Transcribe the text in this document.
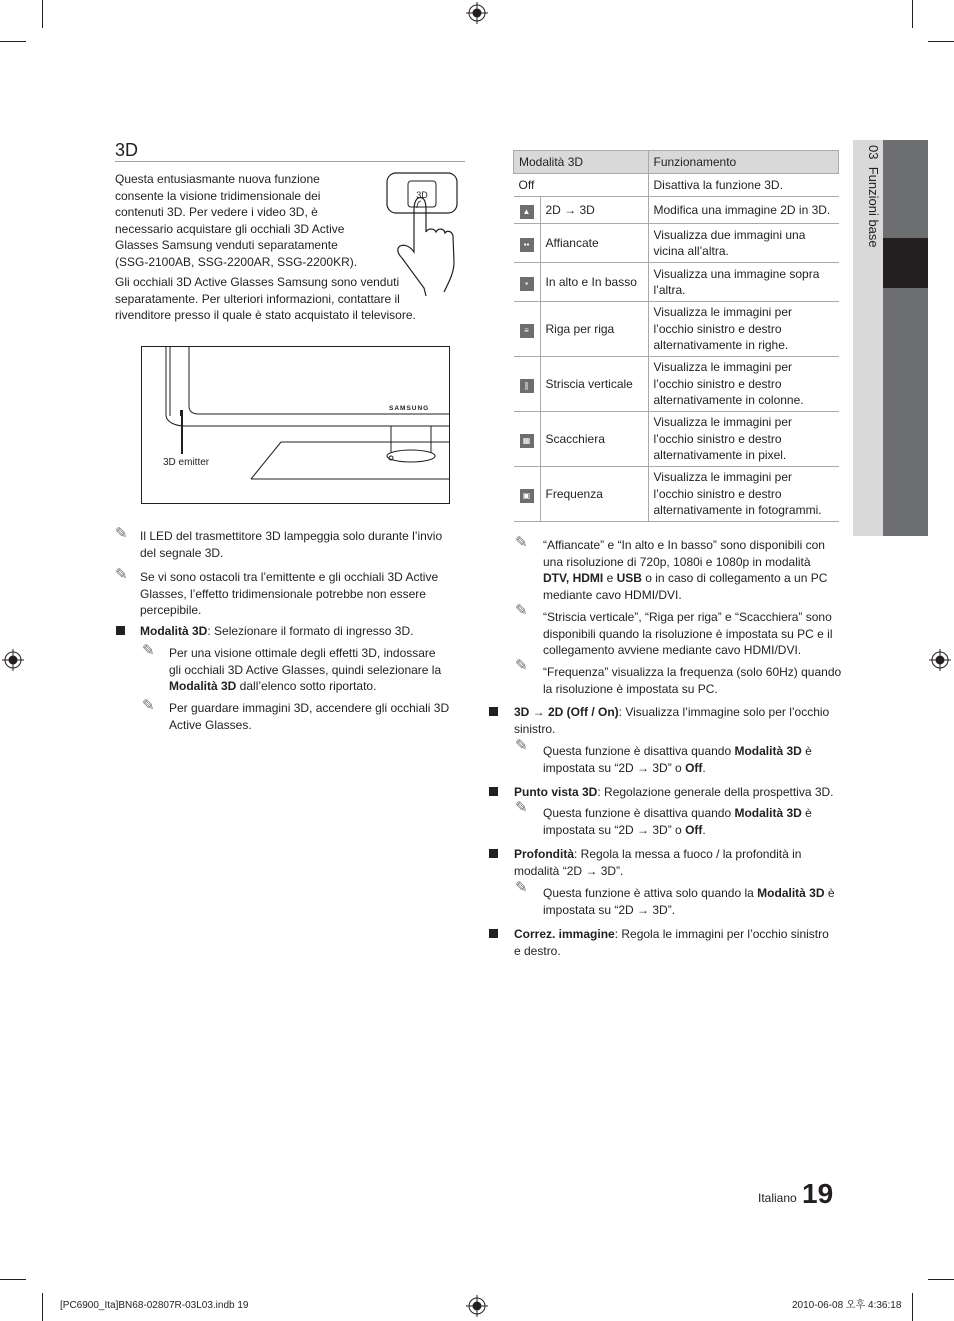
03  Funzioni base
3D
Questa entusiasmante nuova funzione consente la visione tridimensionale dei contenuti 3D. Per vedere i video 3D, è necessario acquistare gli occhiali 3D Active Glasses Samsung venduti separatamente (SSG-2100AB, SSG-2200AR, SSG-2200KR).
Gli occhiali 3D Active Glasses Samsung sono venduti separatamente. Per ulteriori informazioni, contattare il rivenditore presso il quale è stato acquistato il televisore.
3D
SAMSUNG
3D emitter
✎ Il LED del trasmettitore 3D lampeggia solo durante l’invio del segnale 3D.
✎ Se vi sono ostacoli tra l’emittente e gli occhiali 3D Active Glasses, l’effetto tridimensionale potrebbe non essere percepibile.
Modalità 3D: Selezionare il formato di ingresso 3D.
✎ Per una visione ottimale degli effetti 3D, indossare gli occhiali 3D Active Glasses, quindi selezionare la Modalità 3D dall’elenco sotto riportato.
✎ Per guardare immagini 3D, accendere gli occhiali 3D Active Glasses.
Modalità 3D		Funzionamento
Off		Disattiva la funzione 3D.
▲	2D → 3D	Modifica una immagine 2D in 3D.
▪▪	Affiancate	Visualizza due immagini una vicina all’altra.
▪	In alto e In basso	Visualizza una immagine sopra l’altra.
≡	Riga per riga	Visualizza le immagini per l’occhio sinistro e destro alternativamente in righe.
∥	Striscia verticale	Visualizza le immagini per l’occhio sinistro e destro alternativamente in colonne.
▦	Scacchiera	Visualizza le immagini per l’occhio sinistro e destro alternativamente in pixel.
▣	Frequenza	Visualizza le immagini per l’occhio sinistro e destro alternativamente in fotogrammi.
✎ “Affiancate” e “In alto e In basso” sono disponibili con una risoluzione di 720p, 1080i e 1080p in modalità DTV, HDMI e USB o in caso di collegamento a un PC mediante cavo HDMI/DVI.
✎ “Striscia verticale”, “Riga per riga” e “Scacchiera” sono disponibili quando la risoluzione è impostata su PC e il collegamento avviene mediante cavo HDMI/DVI.
✎ “Frequenza” visualizza la frequenza (solo 60Hz) quando la risoluzione è impostata su PC.
3D → 2D (Off / On): Visualizza l’immagine solo per l’occhio sinistro.
✎ Questa funzione è disattiva quando Modalità 3D è impostata su “2D → 3D” o Off.
Punto vista 3D: Regolazione generale della prospettiva 3D.
✎ Questa funzione è disattiva quando Modalità 3D è impostata su “2D → 3D” o Off.
Profondità: Regola la messa a fuoco / la profondità in modalità “2D → 3D”.
✎ Questa funzione è attiva solo quando la Modalità 3D è impostata su “2D → 3D”.
Correz. immagine: Regola le immagini per l’occhio sinistro e destro.
Italiano 19
[PC6900_Ita]BN68-02807R-03L03.indb 19	2010-06-08 오후 4:36:18
